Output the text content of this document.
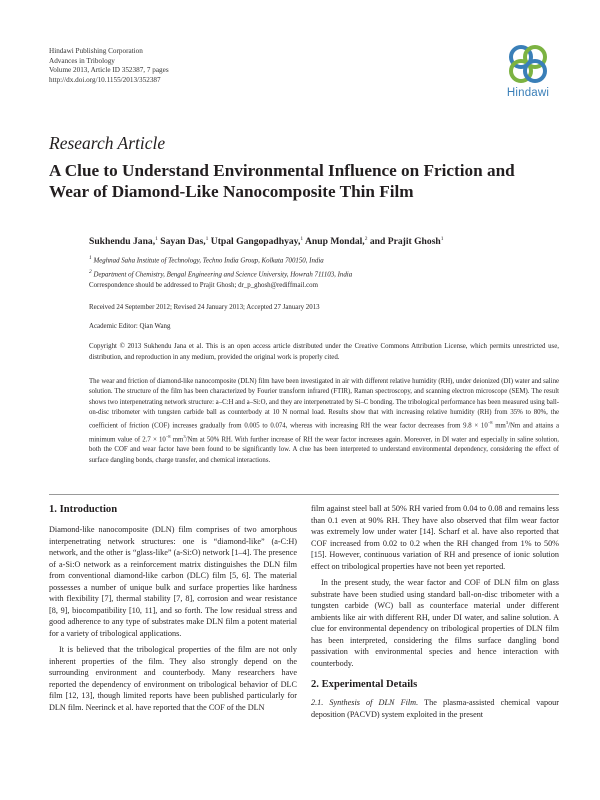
Hindawi Publishing Corporation
Advances in Tribology
Volume 2013, Article ID 352387, 7 pages
http://dx.doi.org/10.1155/2013/352387
Hindawi
Research Article
A Clue to Understand Environmental Influence on Friction and
Wear of Diamond-Like Nanocomposite Thin Film
Sukhendu Jana,$^1$ Sayan Das,$^1$ Utpal Gangopadhyay,$^1$ Anup Mondal,$^2$ and Prajit Ghosh$^1$
$^1$ Meghnad Saha Institute of Technology, Techno India Group, Kolkata 700150, India
$^2$ Department of Chemistry, Bengal Engineering and Science University, Howrah 711103, India
Correspondence should be addressed to Prajit Ghosh; dr_p_ghosh@rediffmail.com
Received 24 September 2012; Revised 24 January 2013; Accepted 27 January 2013
Academic Editor: Qian Wang
Copyright © 2013 Sukhendu Jana et al. This is an open access article distributed under the Creative Commons Attribution License, which permits unrestricted use, distribution, and reproduction in any medium, provided the original work is properly cited.
The wear and friction of diamond-like nanocomposite (DLN) film have been investigated in air with different relative humidity (RH), under deionized (DI) water and saline solution. The structure of the film has been characterized by Fourier transform infrared (FTIR), Raman spectroscopy, and scanning electron microscope (SEM). The result shows two interpenetrating network structure: a–C:H and a–Si:O, and they are interpenetrated by Si–C bonding. The tribological performance has been measured using ball-on-disc tribometer with tungsten carbide ball as counterbody at 10 N normal load. Results show that with increasing relative humidity (RH) from 35% to 80%, the coefficient of friction (COF) increases gradually from 0.005 to 0.074, whereas with increasing RH the wear factor decreases from $9.8 \times 10^{-8}$ $mm^3/Nm$ and attains a minimum value of $2.7 \times 10^{-8}$ $mm^3/Nm$ at 50% RH. With further increase of RH the wear factor increases again. Moreover, in DI water and especially in saline solution, both the COF and wear factor have been found to be significantly low. A clue has been interpreted to understand environmental dependency, considering the effect of surface dangling bonds, charge transfer, and chemical interactions.
1. Introduction

Diamond-like nanocomposite (DLN) film comprises of two amorphous interpenetrating network structures: one is “diamond-like” (a-C:H) network, and the other is “glass-like” (a-Si:O) network [1–4]. The presence of a-Si:O network as a reinforcement matrix distinguishes the DLN film from conventional diamond-like carbon (DLC) film [5, 6]. The material possesses a number of unique bulk and surface properties like hardness with flexibility [7], thermal stability [7, 8], corrosion and wear resistance [8, 9], biocompatibility [10, 11], and so forth. The low residual stress and good adherence to any type of substrates make DLN film a potent material for a variety of tribological applications.

It is believed that the tribological properties of the film are not only inherent properties of the film. They also strongly depend on the surrounding environment and counterbody. Many researchers have reported the dependency of environment on tribological behavior of DLC film [12, 13], though limited reports have been published particularly for DLN film. Neerinck et al. have reported that the COF of the DLN

film against steel ball at 50% RH varied from 0.04 to 0.08 and remains less than 0.1 even at 90% RH. They have also observed that film wear factor was extremely low under water [14]. Scharf et al. have also reported that COF increased from 0.02 to 0.2 when the RH changed from 1% to 50% [15]. However, continuous variation of RH and presence of ionic solution effect on tribological properties have not been yet reported.

In the present study, the wear factor and COF of DLN film on glass substrate have been studied using standard ball-on-disc tribometer with a tungsten carbide (WC) ball as counterface material under different ambients like air with different RH, under DI water, and saline solution. A clue for environmental dependency on tribological properties of DLN film has been interpreted, considering the films surface dangling bond passivation with environmental species and hence interaction with counterbody.

2. Experimental Details

2.1. Synthesis of DLN Film. The plasma-assisted chemical vapour deposition (PACVD) system exploited in the present
